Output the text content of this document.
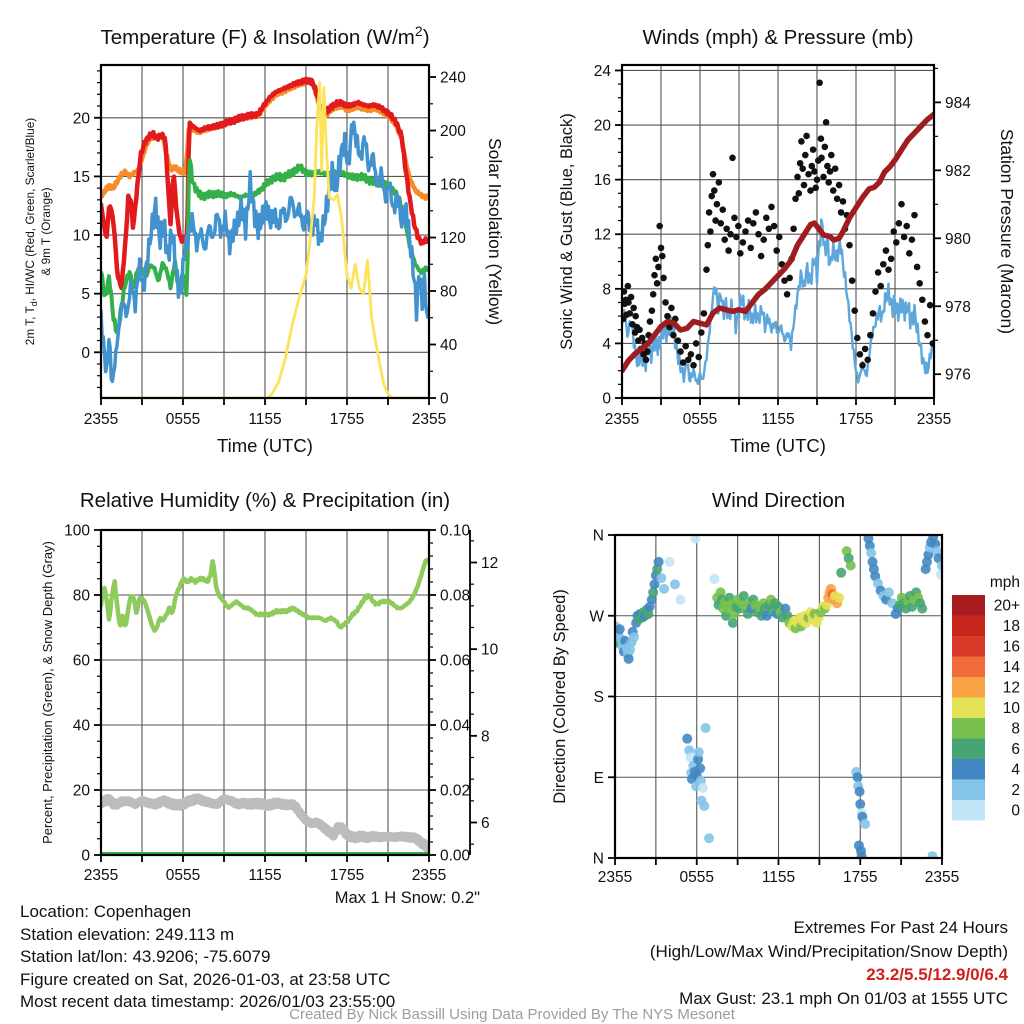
0
5
10
15
20
0
40
80
120
160
200
240
2355	0555	1155	1755	2355
Time (UTC)
Temperature (F) & Insolation $(W/m^2)$
2m T, $T_d$, HI/WC (Red, Green, Scarlet/Blue) & 9m T (Orange)	Solar Insolation (Yellow)
0
4
8
12
16
20
24
976
978
980
982
984
2355	0555	1155	1755	2355
Time (UTC)
Winds (mph) & Pressure (mb)
Sonic Wind & Gust (Blue, Black)	Station Pressure (Maroon)
0
20
40
60
80
100
0.00
0.02
0.04
0.06
0.08
0.10
6
8
10
12
2355	0555	1155	1755	2355
Relative Humidity (%) & Precipitation (in)
Percent, Precipitation (Green), & Snow Depth (Gray)
N
E
S
W
N
2355	0555	1155	1755	2355
Wind Direction
Direction (Colored By Speed)
mph
20+
18
16
14
12
10
8
6
4
2
0
Max 1 H Snow: 0.2"
Location: Copenhagen
Station elevation: 249.113 m
Station lat/lon: 43.9206; -75.6079
Figure created on Sat, 2026-01-03, at 23:58 UTC
Most recent data timestamp: 2026/01/03 23:55:00
Extremes For Past 24 Hours
(High/Low/Max Wind/Precipitation/Snow Depth)
23.2/5.5/12.9/0/6.4
Max Gust: 23.1 mph On 01/03 at 1555 UTC
Created By Nick Bassill Using Data Provided By The NYS Mesonet
